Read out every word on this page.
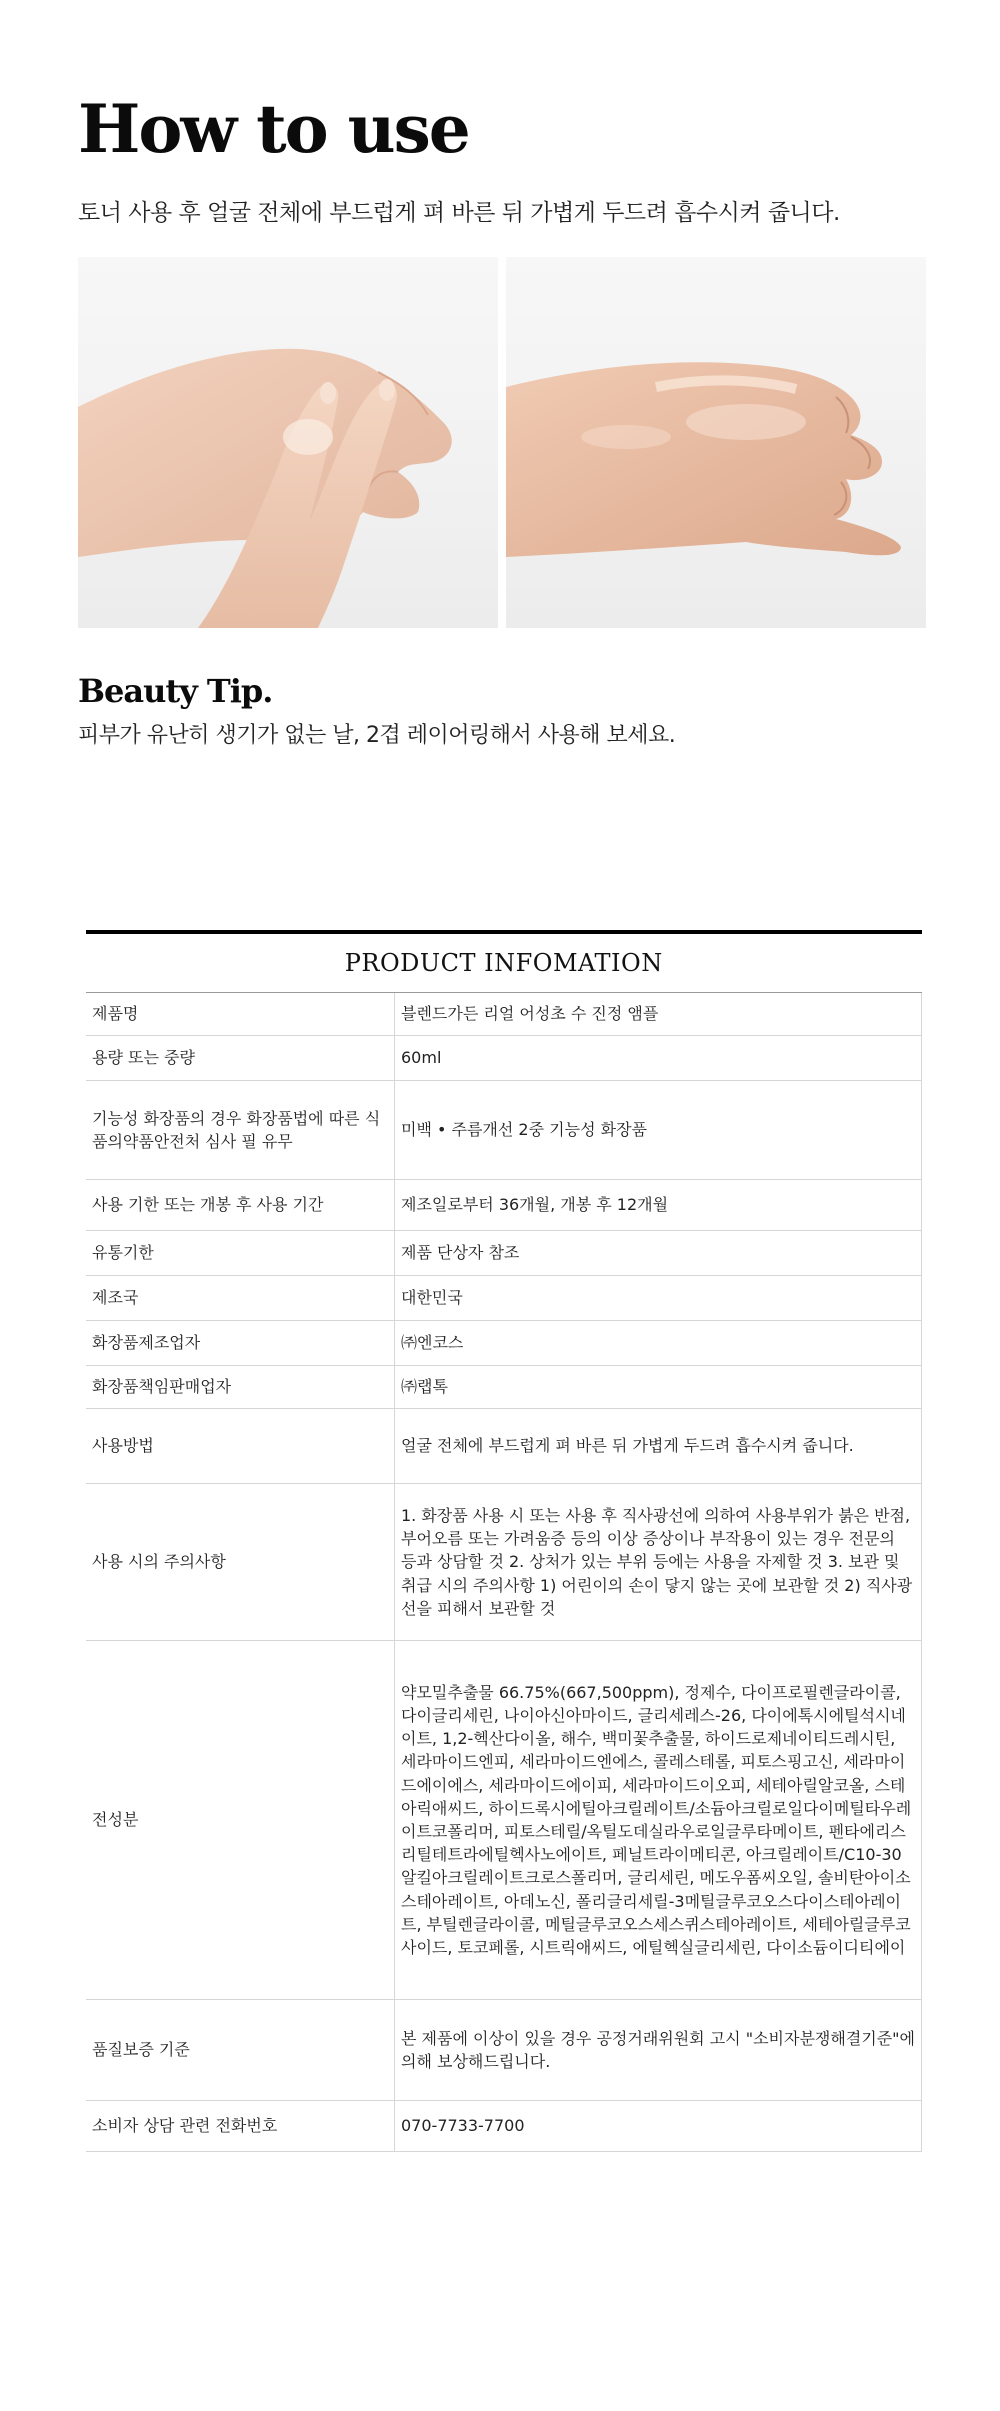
How to use

토너 사용 후 얼굴 전체에 부드럽게 펴 바른 뒤 가볍게 두드려 흡수시켜 줍니다.

Beauty Tip.

피부가 유난히 생기가 없는 날, 2겹 레이어링해서 사용해 보세요.

PRODUCT INFOMATION	
제품명	블렌드가든 리얼 어성초 수 진정 앰플
용량 또는 중량	60ml
기능성 화장품의 경우 화장품법에 따른 식품의약품안전처 심사 필 유무	미백 • 주름개선 2중 기능성 화장품
사용 기한 또는 개봉 후 사용 기간	제조일로부터 36개월, 개봉 후 12개월
유통기한	제품 단상자 참조
제조국	대한민국
화장품제조업자	㈜엔코스
화장품책임판매업자	㈜랩톡
사용방법	얼굴 전체에 부드럽게 펴 바른 뒤 가볍게 두드려 흡수시켜 줍니다.
사용 시의 주의사항	1. 화장품 사용 시 또는 사용 후 직사광선에 의하여 사용부위가 붉은 반점, 부어오름 또는 가려움증 등의 이상 증상이나 부작용이 있는 경우 전문의 등과 상담할 것 2. 상처가 있는 부위 등에는 사용을 자제할 것 3. 보관 및 취급 시의 주의사항 1) 어린이의 손이 닿지 않는 곳에 보관할 것 2) 직사광선을 피해서 보관할 것
전성분	약모밀추출물 66.75%(667,500ppm), 정제수, 다이프로필렌글라이콜, 다이글리세린, 나이아신아마이드, 글리세레스-26, 다이에톡시에틸석시네이트, 1,2-헥산다이올, 해수, 백미꽃추출물, 하이드로제네이티드레시틴, 세라마이드엔피, 세라마이드엔에스, 콜레스테롤, 피토스핑고신, 세라마이드에이에스, 세라마이드에이피, 세라마이드이오피, 세테아릴알코올, 스테아릭애씨드, 하이드록시에틸아크릴레이트/소듐아크릴로일다이메틸타우레이트코폴리머, 피토스테릴/옥틸도데실라우로일글루타메이트, 펜타에리스리틸테트라에틸헥사노에이트, 페닐트라이메티콘, 아크릴레이트/C10-30알킬아크릴레이트크로스폴리머, 글리세린, 메도우폼씨오일, 솔비탄아이소스테아레이트, 아데노신, 폴리글리세릴-3메틸글루코오스다이스테아레이트, 부틸렌글라이콜, 메틸글루코오스세스퀴스테아레이트, 세테아릴글루코사이드, 토코페롤, 시트릭애씨드, 에틸헥실글리세린, 다이소듐이디티에이
품질보증 기준	본 제품에 이상이 있을 경우 공정거래위원회 고시 "소비자분쟁해결기준"에 의해 보상해드립니다.
소비자 상담 관련 전화번호	070-7733-7700
